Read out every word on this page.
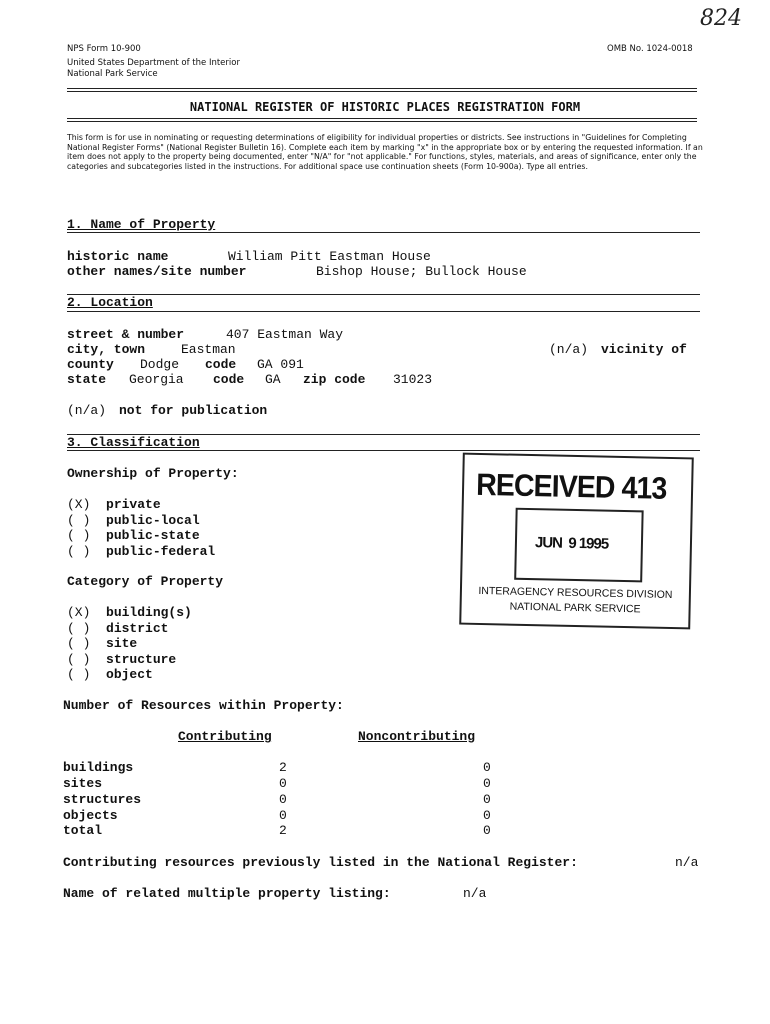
824
NPS Form 10-900	OMB No. 1024-0018
United States Department of the Interior
National Park Service
NATIONAL REGISTER OF HISTORIC PLACES REGISTRATION FORM
This form is for use in nominating or requesting determinations of eligibility for individual properties or districts. See instructions in "Guidelines for Completing National Register Forms" (National Register Bulletin 16). Complete each item by marking "x" in the appropriate box or by entering the requested information. If an item does not apply to the property being documented, enter "N/A" for "not applicable." For functions, styles, materials, and areas of significance, enter only the categories and subcategories listed in the instructions. For additional space use continuation sheets (Form 10-900a). Type all entries.
1. Name of Property
historic name	William Pitt Eastman House
other names/site number	Bishop House; Bullock House
2. Location
street & number	407 Eastman Way
city, town	Eastman	(n/a) vicinity of
county Dodge code GA 091
state Georgia code GA zip code 31023
(n/a) not for publication
3. Classification
Ownership of Property:
(X) private
( ) public-local
( ) public-state
( ) public-federal
Category of Property
(X) building(s)
( ) district
( ) site
( ) structure
( ) object
Number of Resources within Property:
Contributing	Noncontributing
buildings	2	0
sites	0	0
structures	0	0
objects	0	0
total	2	0
Contributing resources previously listed in the National Register:	n/a
Name of related multiple property listing:	n/a
RECEIVED 413
JUN  9 1995
INTERAGENCY RESOURCES DIVISION
NATIONAL PARK SERVICE
